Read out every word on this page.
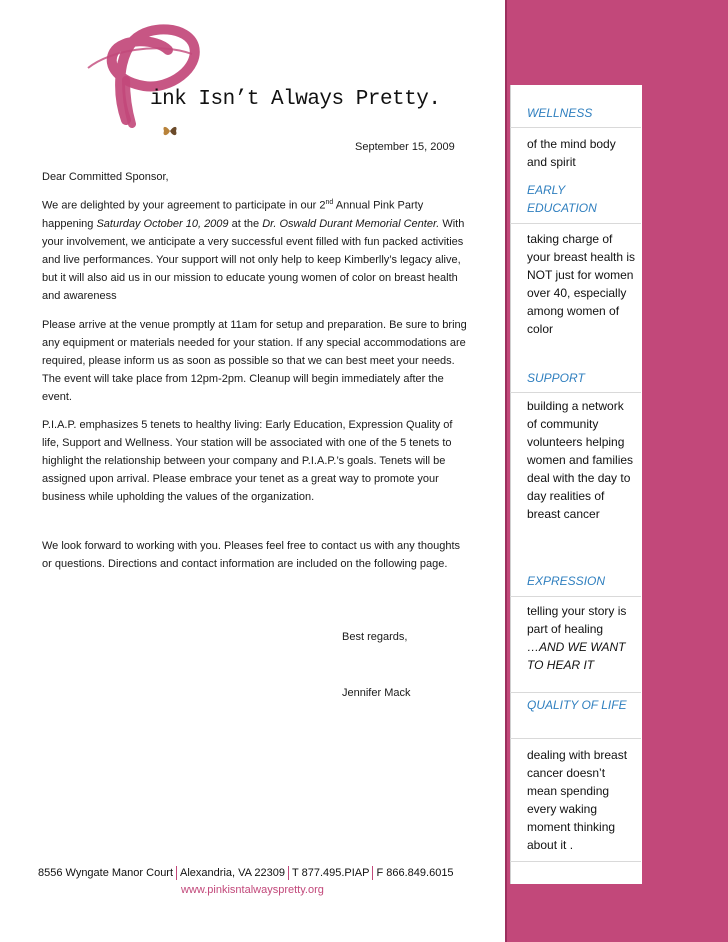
ink Isn’t Always Pretty.
September 15, 2009
Dear Committed Sponsor,
We are delighted by your agreement to participate in our 2nd Annual Pink Party happening Saturday October 10, 2009 at the Dr. Oswald Durant Memorial Center. With your involvement, we anticipate a very successful event filled with fun packed activities and live performances. Your support will not only help to keep Kimberlly’s legacy alive, but it will also aid us in our mission to educate young women of color on breast health and awareness
Please arrive at the venue promptly at 11am for setup and preparation. Be sure to bring any equipment or materials needed for your station. If any special accommodations are required, please inform us as soon as possible so that we can best meet your needs. The event will take place from 12pm-2pm. Cleanup will begin immediately after the event.
P.I.A.P. emphasizes 5 tenets to healthy living: Early Education, Expression Quality of life, Support and Wellness. Your station will be associated with one of the 5 tenets to highlight the relationship between your company and P.I.A.P.’s goals. Tenets will be assigned upon arrival. Please embrace your tenet as a great way to promote your business while upholding the values of the organization.
We look forward to working with you. Pleases feel free to contact us with any thoughts or questions. Directions and contact information are included on the following page.
Best regards,
Jennifer Mack
WELLNESS
of the mind body and spirit
EARLY EDUCATION
taking charge of your breast health is NOT just for women over 40, especially among women of color
SUPPORT
building a network of community volunteers helping women and families deal with the day to day realities of breast cancer
EXPRESSION
telling your story is part of healing
…AND WE WANT TO HEAR IT
QUALITY OF LIFE
dealing with breast cancer doesn’t mean spending every waking moment thinking about it .
8556 Wyngate Manor Court Alexandria, VA 22309 T 877.495.PIAP F 866.849.6015
www.pinkisntalwayspretty.org
